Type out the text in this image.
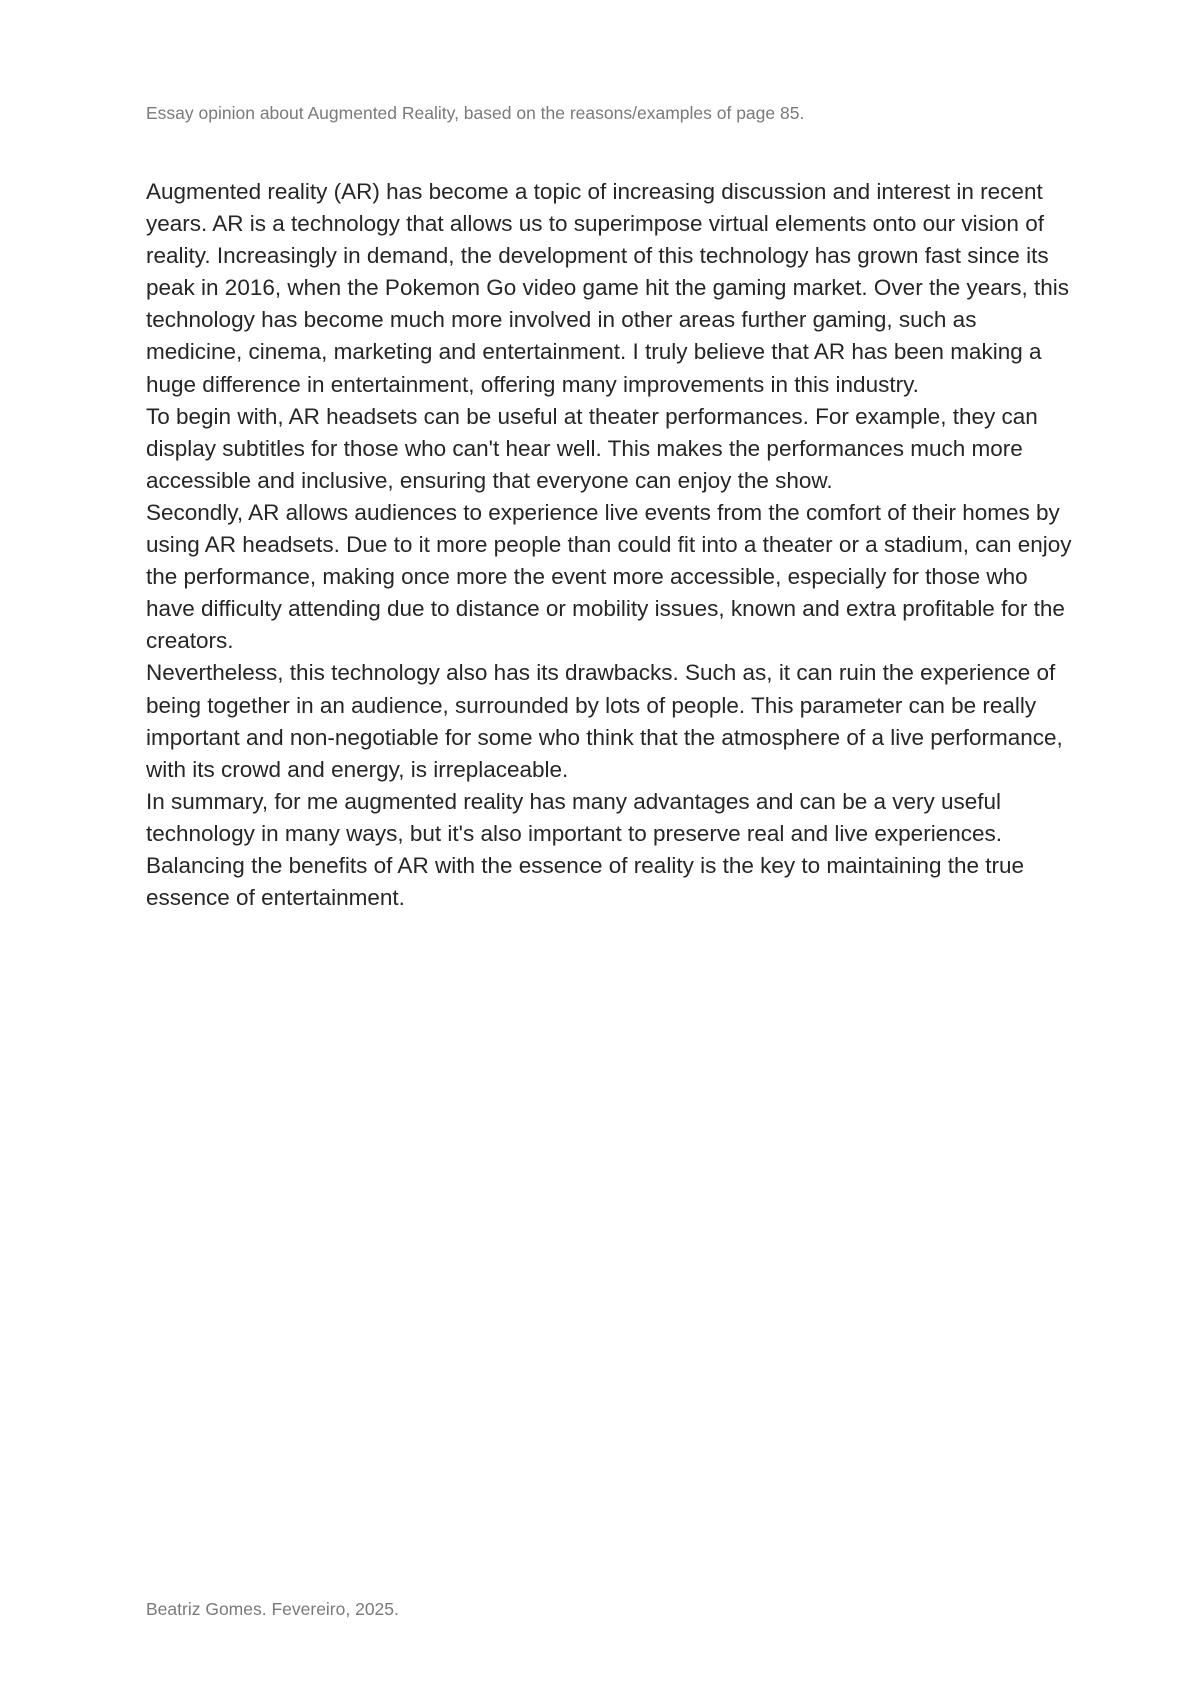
Essay opinion about Augmented Reality, based on the reasons/examples of page 85.

Augmented reality (AR) has become a topic of increasing discussion and interest in recent years. AR is a technology that allows us to superimpose virtual elements onto our vision of reality. Increasingly in demand, the development of this technology has grown fast since its peak in 2016, when the Pokemon Go video game hit the gaming market. Over the years, this technology has become much more involved in other areas further gaming, such as medicine, cinema, marketing and entertainment. I truly believe that AR has been making a huge difference in entertainment, offering many improvements in this industry.

To begin with, AR headsets can be useful at theater performances. For example, they can display subtitles for those who can't hear well. This makes the performances much more accessible and inclusive, ensuring that everyone can enjoy the show.

Secondly, AR allows audiences to experience live events from the comfort of their homes by using AR headsets. Due to it more people than could fit into a theater or a stadium, can enjoy the performance, making once more the event more accessible, especially for those who have difficulty attending due to distance or mobility issues, known and extra profitable for the creators.

Nevertheless, this technology also has its drawbacks. Such as, it can ruin the experience of being together in an audience, surrounded by lots of people. This parameter can be really important and non-negotiable for some who think that the atmosphere of a live performance, with its crowd and energy, is irreplaceable.

In summary, for me augmented reality has many advantages and can be a very useful technology in many ways, but it's also important to preserve real and live experiences. Balancing the benefits of AR with the essence of reality is the key to maintaining the true essence of entertainment.

Beatriz Gomes. Fevereiro, 2025.
